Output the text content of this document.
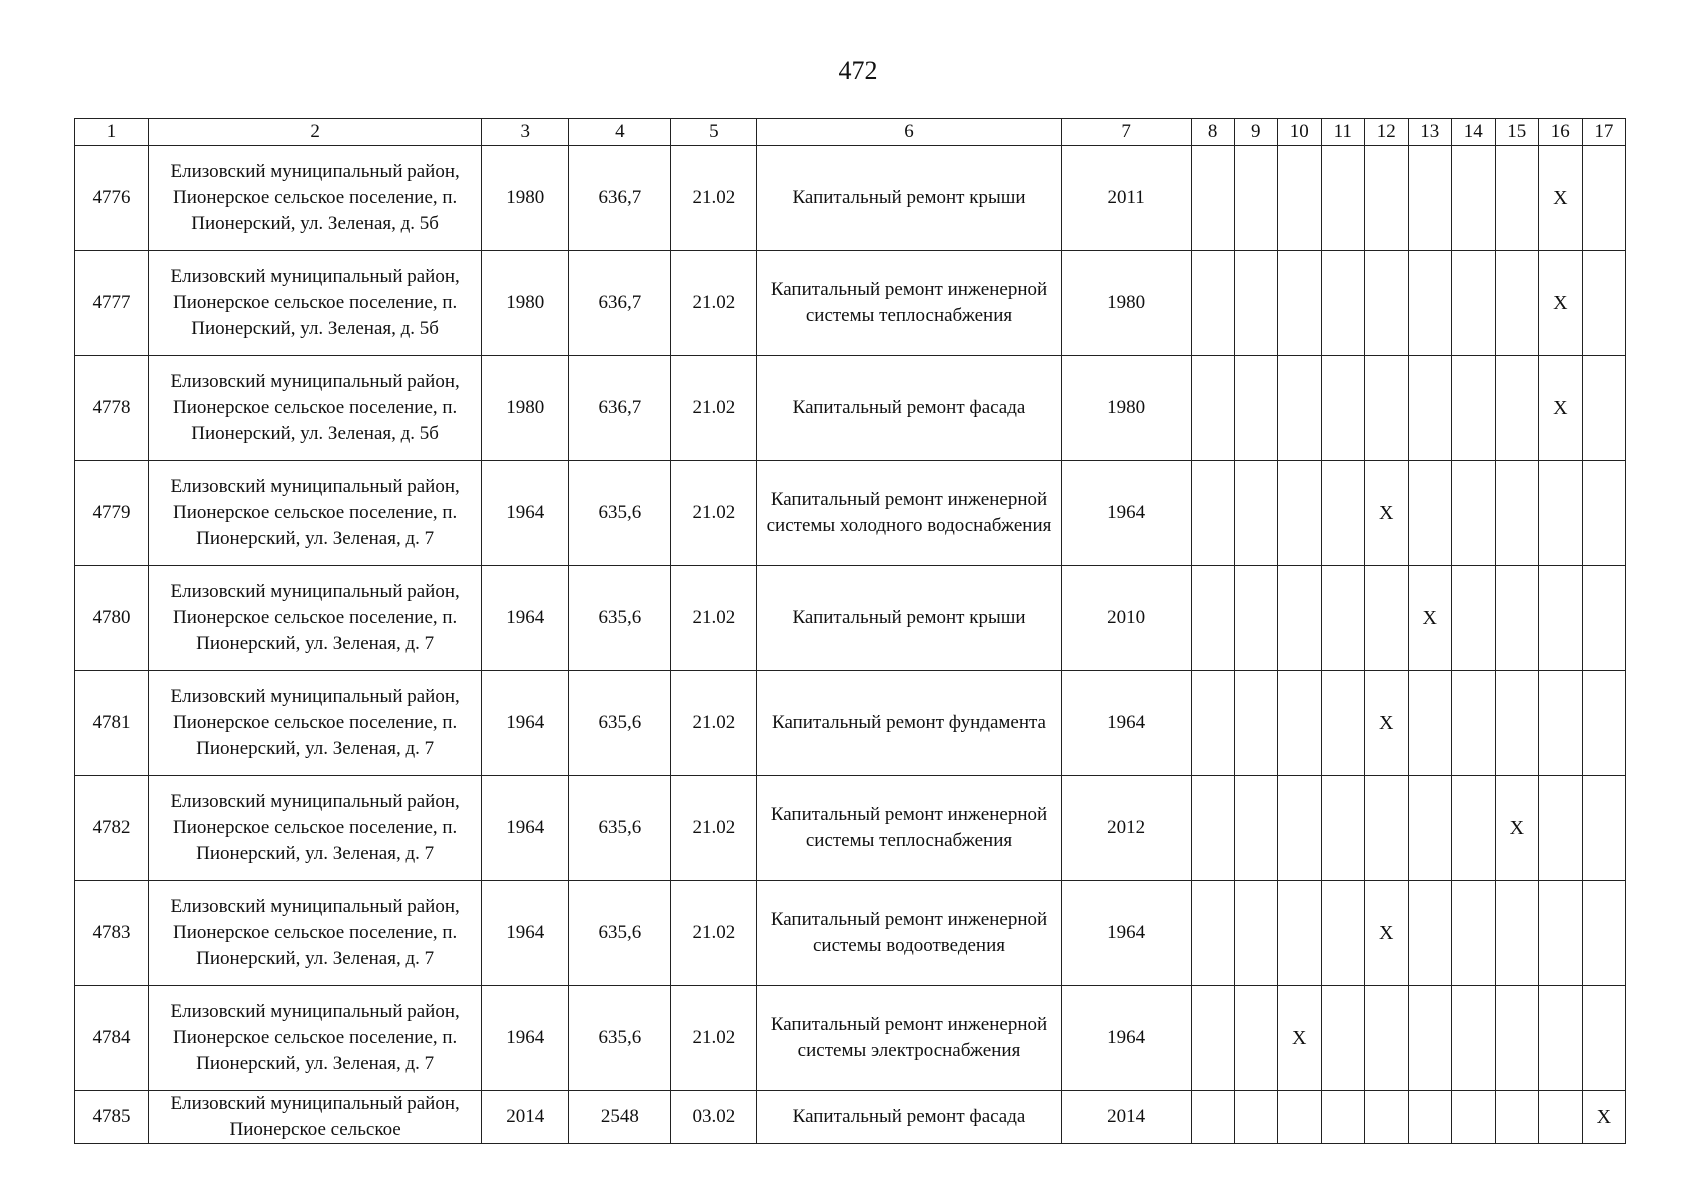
472
1	2	3	4	5	6	7	8	9	10	11	12	13	14	15	16	17
4776	Елизовский муниципальный район, Пионерское сельское поселение, п. Пионерский, ул. Зеленая, д. 5б	1980	636,7	21.02	Капитальный ремонт крыши	2011									X	
4777	Елизовский муниципальный район, Пионерское сельское поселение, п. Пионерский, ул. Зеленая, д. 5б	1980	636,7	21.02	Капитальный ремонт инженерной системы теплоснабжения	1980									X	
4778	Елизовский муниципальный район, Пионерское сельское поселение, п. Пионерский, ул. Зеленая, д. 5б	1980	636,7	21.02	Капитальный ремонт фасада	1980									X	
4779	Елизовский муниципальный район, Пионерское сельское поселение, п. Пионерский, ул. Зеленая, д. 7	1964	635,6	21.02	Капитальный ремонт инженерной системы холодного водоснабжения	1964					X					
4780	Елизовский муниципальный район, Пионерское сельское поселение, п. Пионерский, ул. Зеленая, д. 7	1964	635,6	21.02	Капитальный ремонт крыши	2010						X				
4781	Елизовский муниципальный район, Пионерское сельское поселение, п. Пионерский, ул. Зеленая, д. 7	1964	635,6	21.02	Капитальный ремонт фундамента	1964					X					
4782	Елизовский муниципальный район, Пионерское сельское поселение, п. Пионерский, ул. Зеленая, д. 7	1964	635,6	21.02	Капитальный ремонт инженерной системы теплоснабжения	2012								X		
4783	Елизовский муниципальный район, Пионерское сельское поселение, п. Пионерский, ул. Зеленая, д. 7	1964	635,6	21.02	Капитальный ремонт инженерной системы водоотведения	1964					X					
4784	Елизовский муниципальный район, Пионерское сельское поселение, п. Пионерский, ул. Зеленая, д. 7	1964	635,6	21.02	Капитальный ремонт инженерной системы электроснабжения	1964			X							
4785	Елизовский муниципальный район, Пионерское сельское	2014	2548	03.02	Капитальный ремонт фасада	2014										X
